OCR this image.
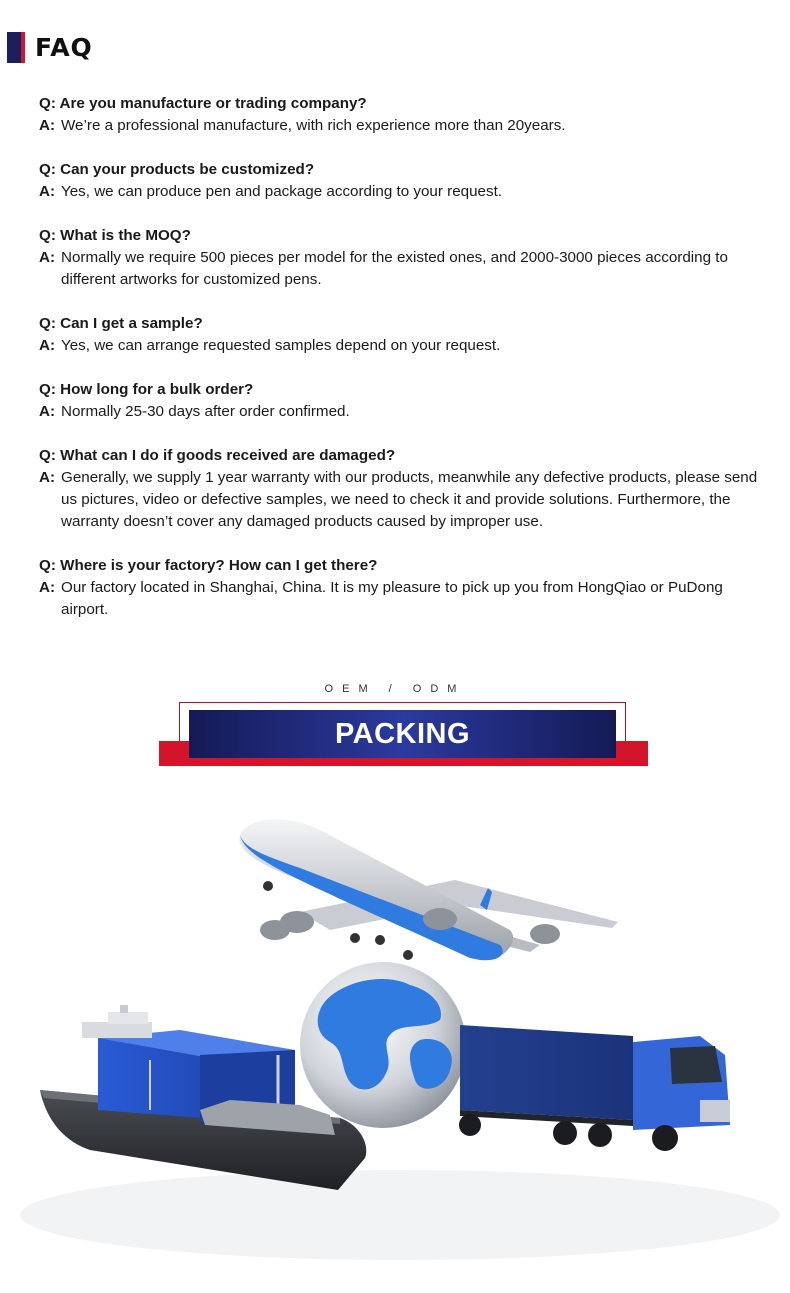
FAQ
Q: Are you manufacture or trading company?
A: We’re a professional manufacture, with rich experience more than 20years.
Q: Can your products be customized?
A: Yes, we can produce pen and package according to your request.
Q: What is the MOQ?
A: Normally we require 500 pieces per model for the existed ones, and 2000-3000 pieces according to different artworks for customized pens.
Q: Can I get a sample?
A: Yes, we can arrange requested samples depend on your request.
Q: How long for a bulk order?
A: Normally 25-30 days after order confirmed.
Q: What can I do if goods received are damaged?
A: Generally, we supply 1 year warranty with our products, meanwhile any defective products, please send us pictures, video or defective samples, we need to check it and provide solutions. Furthermore, the warranty doesn’t cover any damaged products caused by improper use.
Q: Where is your factory? How can I get there?
A: Our factory located in Shanghai, China. It is my pleasure to pick up you from HongQiao or PuDong airport.
OEM / ODM
PACKING
